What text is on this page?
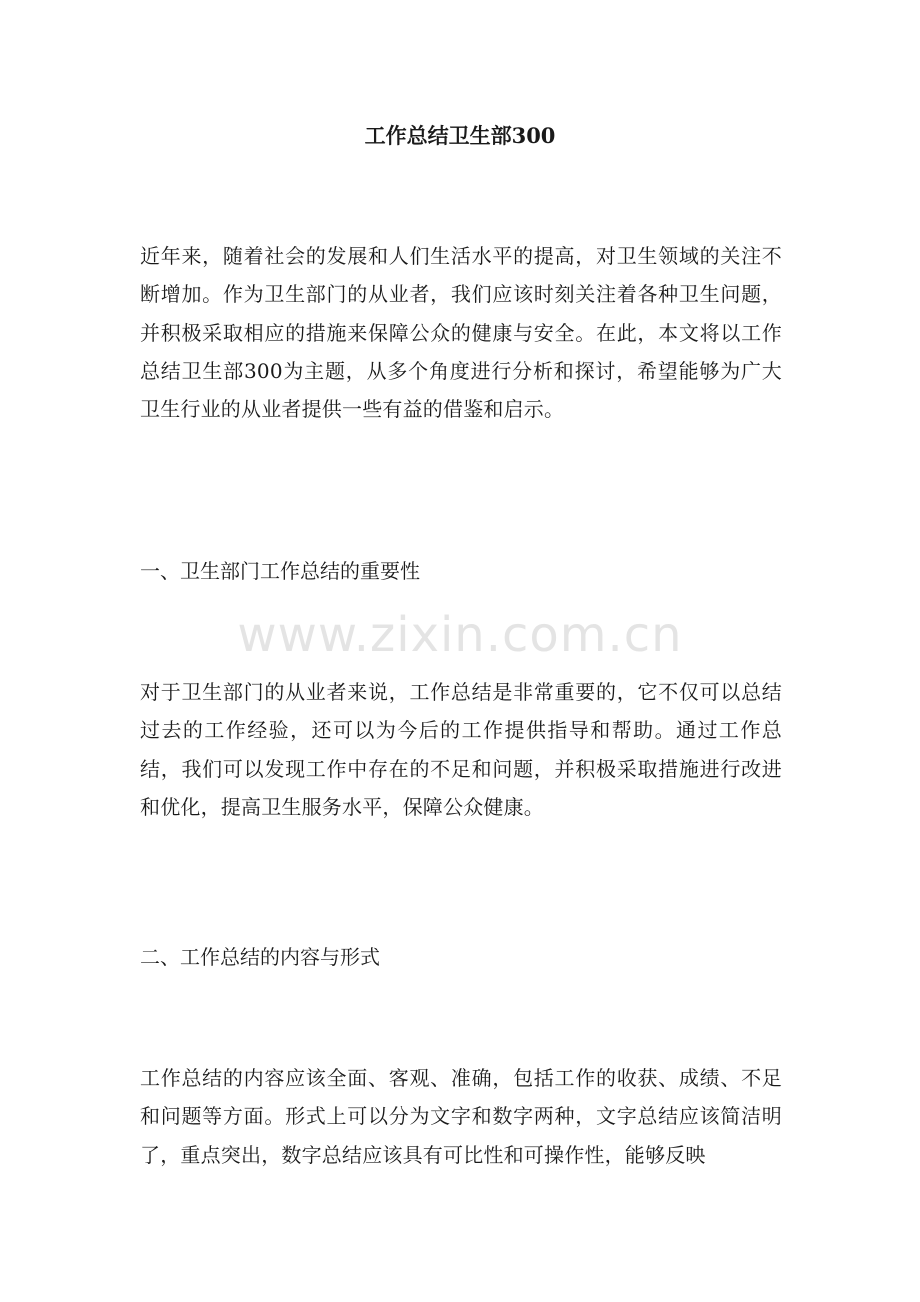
工作总结卫生部300

近年来，随着社会的发展和人们生活水平的提高，对卫生领域的关注不断增加。作为卫生部门的从业者，我们应该时刻关注着各种卫生问题，并积极采取相应的措施来保障公众的健康与安全。在此，本文将以工作总结卫生部300为主题，从多个角度进行分析和探讨，希望能够为广大卫生行业的从业者提供一些有益的借鉴和启示。

一、卫生部门工作总结的重要性
www.zixin.com.cn

对于卫生部门的从业者来说，工作总结是非常重要的，它不仅可以总结过去的工作经验，还可以为今后的工作提供指导和帮助。通过工作总结，我们可以发现工作中存在的不足和问题，并积极采取措施进行改进和优化，提高卫生服务水平，保障公众健康。

二、工作总结的内容与形式

工作总结的内容应该全面、客观、准确，包括工作的收获、成绩、不足和问题等方面。形式上可以分为文字和数字两种，文字总结应该简洁明了，重点突出，数字总结应该具有可比性和可操作性，能够反映
